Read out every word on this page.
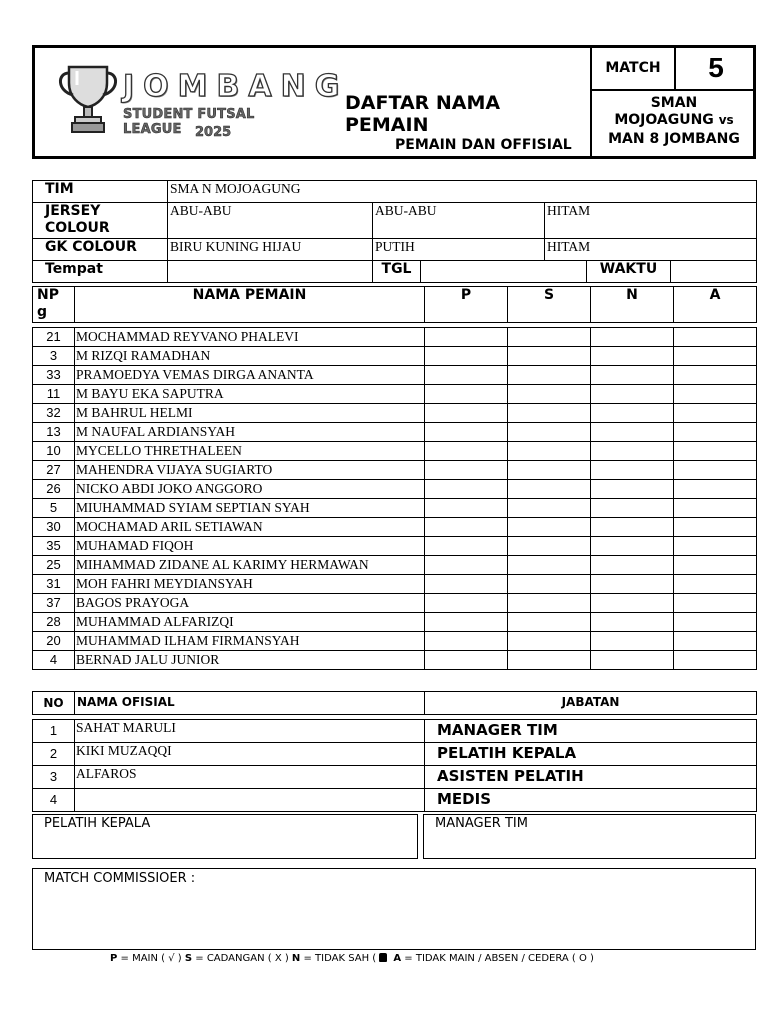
JOMBANG
STUDENT FUTSAL LEAGUE	2025
DAFTAR NAMA PEMAIN
PEMAIN DAN OFFISIAL
MATCH	5
SMAN
MOJOAGUNG vs
MAN 8 JOMBANG
TIM	SMA N MOJOAGUNG					
JERSEY COLOUR	ABU-ABU	ABU-ABU		HITAM		
GK COLOUR	BIRU KUNING HIJAU	PUTIH		HITAM		
Tempat		TGL			WAKTU	
NP g	NAMA PEMAIN	P	S	N	A
21	MOCHAMMAD REYVANO PHALEVI				
3	M RIZQI RAMADHAN				
33	PRAMOEDYA VEMAS DIRGA ANANTA				
11	M BAYU EKA SAPUTRA				
32	M BAHRUL HELMI				
13	M NAUFAL ARDIANSYAH				
10	MYCELLO THRETHALEEN				
27	MAHENDRA VIJAYA SUGIARTO				
26	NICKO ABDI JOKO ANGGORO				
5	MIUHAMMAD SYIAM SEPTIAN SYAH				
30	MOCHAMAD ARIL SETIAWAN				
35	MUHAMAD FIQOH				
25	MIHAMMAD ZIDANE AL KARIMY HERMAWAN				
31	MOH FAHRI MEYDIANSYAH				
37	BAGOS PRAYOGA				
28	MUHAMMAD ALFARIZQI				
20	MUHAMMAD ILHAM FIRMANSYAH				
4	BERNAD JALU JUNIOR				
NO	NAMA OFISIAL	JABATAN
1	SAHAT MARULI	MANAGER TIM
2	KIKI MUZAQQI	PELATIH KEPALA
3	ALFAROS	ASISTEN PELATIH
4		MEDIS
PELATIH KEPALA	MANAGER TIM
MATCH COMMISSIOER :
P = MAIN ( √ ) S = CADANGAN ( X ) N = TIDAK SAH ( A = TIDAK MAIN / ABSEN / CEDERA ( O )
